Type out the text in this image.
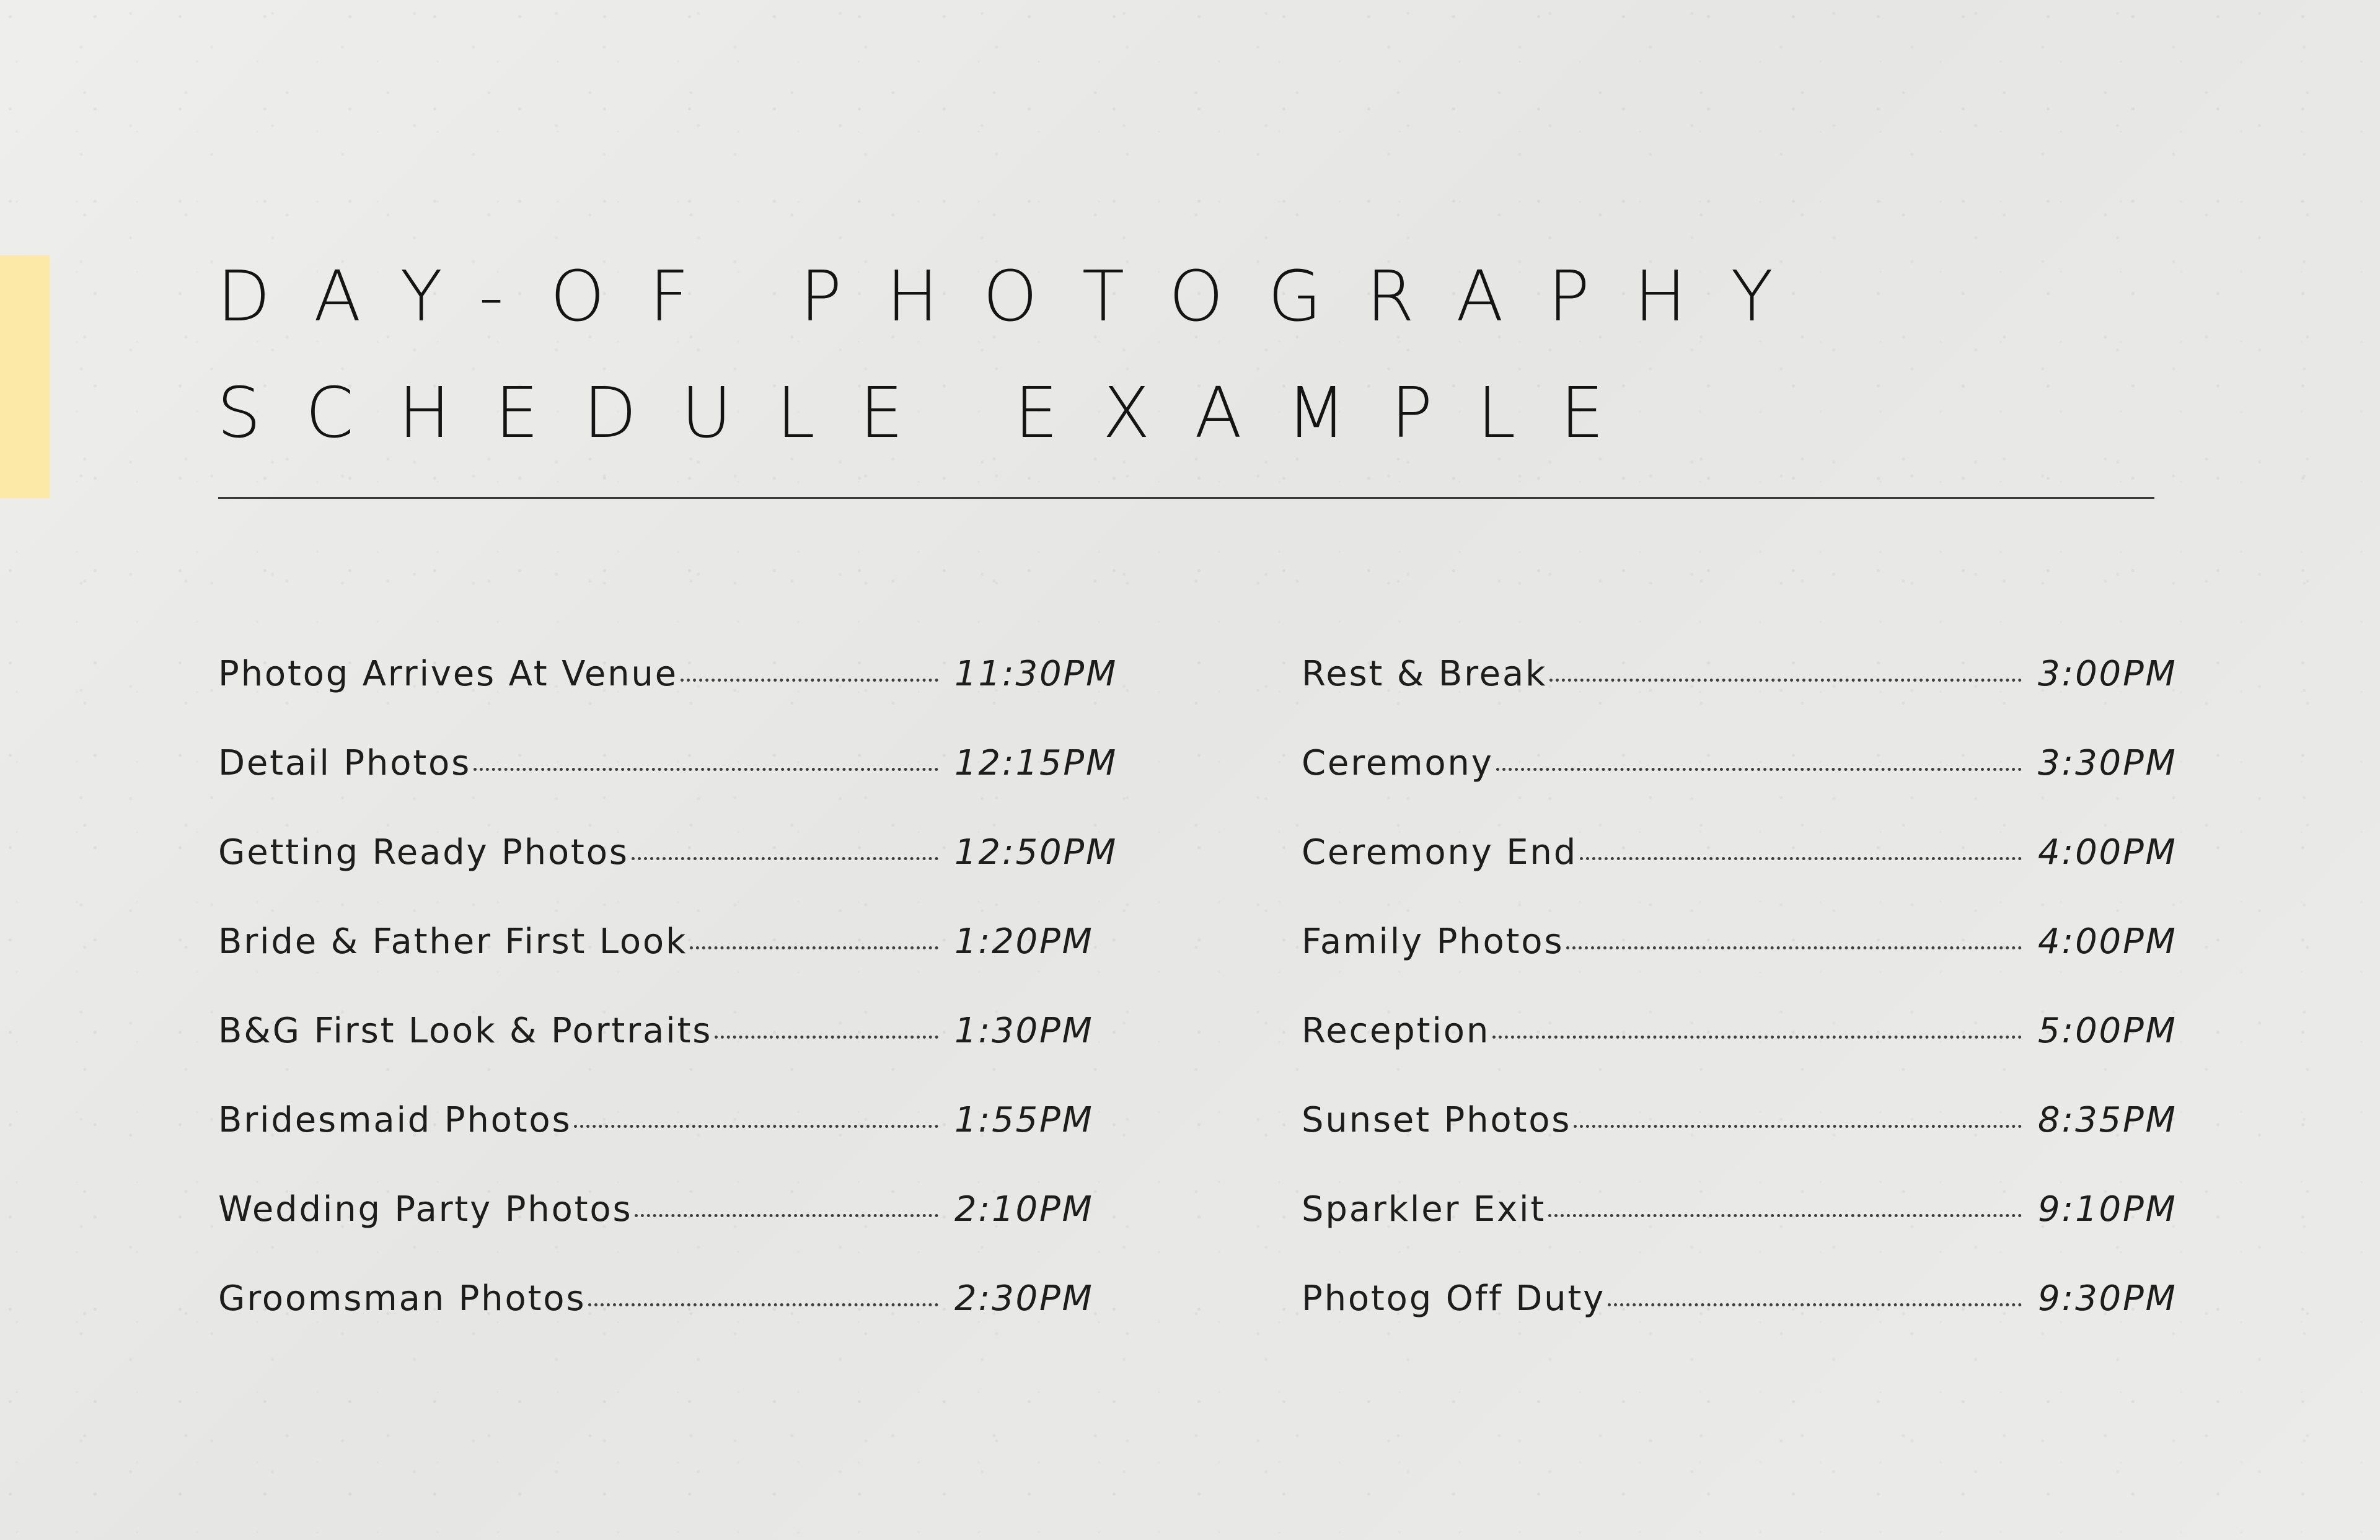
DAY-OF PHOTOGRAPHY
SCHEDULE EXAMPLE
Photog Arrives At Venue	11:30PM
Detail Photos	12:15PM
Getting Ready Photos	12:50PM
Bride & Father First Look	1:20PM
B&G First Look & Portraits	1:30PM
Bridesmaid Photos	1:55PM
Wedding Party Photos	2:10PM
Groomsman Photos	2:30PM
Rest & Break	3:00PM
Ceremony	3:30PM
Ceremony End	4:00PM
Family Photos	4:00PM
Reception	5:00PM
Sunset Photos	8:35PM
Sparkler Exit	9:10PM
Photog Off Duty	9:30PM
